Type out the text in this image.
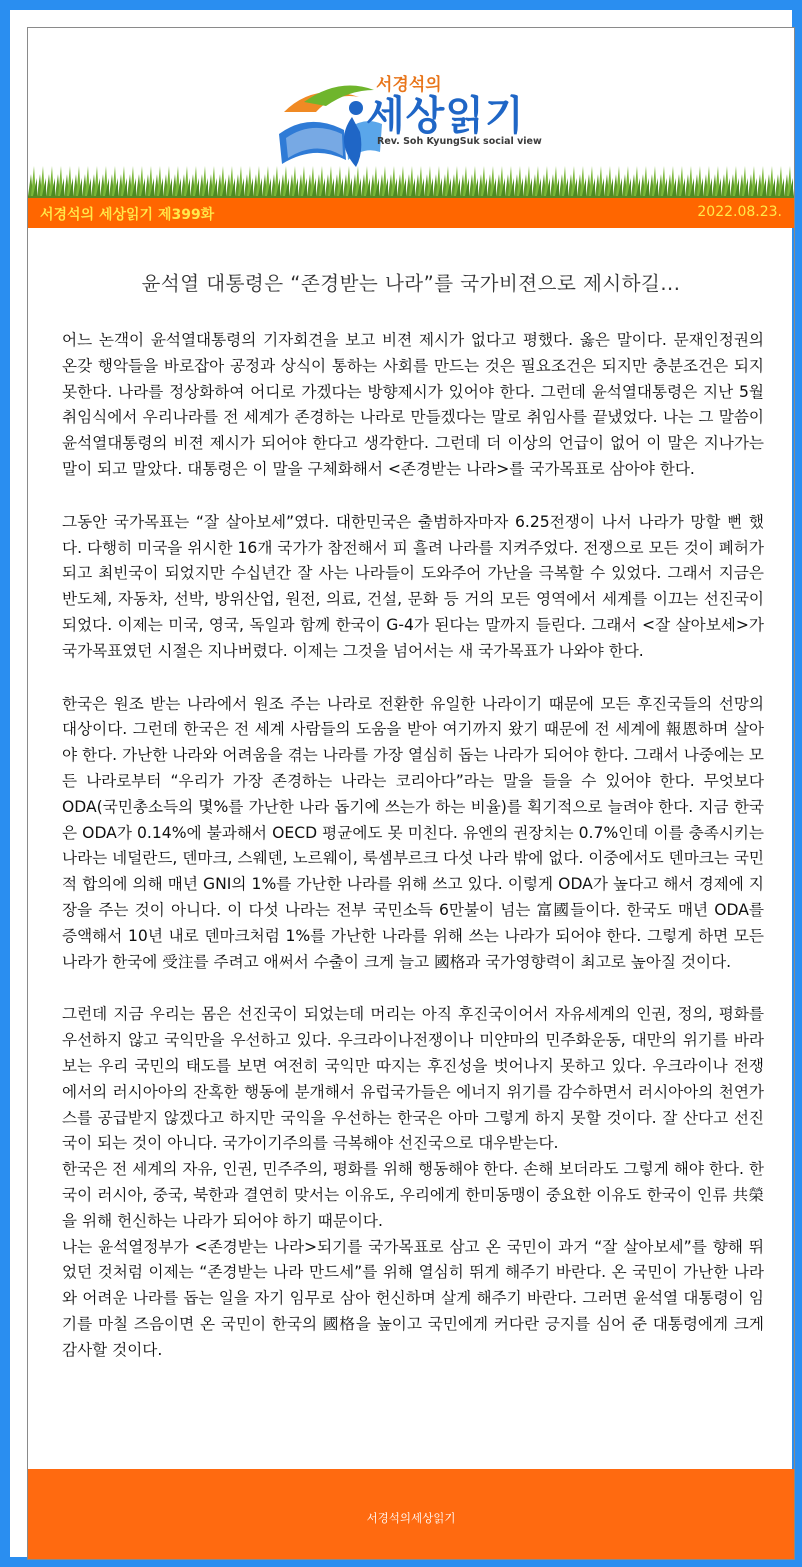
서경석의
세상읽기
Rev. Soh KyungSuk social view
서경석의 세상읽기 제399화	2022.08.23.
윤석열 대통령은 “존경받는 나라”를 국가비젼으로 제시하길...

어느 논객이 윤석열대통령의 기자회견을 보고 비젼 제시가 없다고 평했다. 옳은 말이다. 문재인정권의 온갖 행악들을 바로잡아 공정과 상식이 통하는 사회를 만드는 것은 필요조건은 되지만 충분조건은 되지 못한다. 나라를 정상화하여 어디로 가겠다는 방향제시가 있어야 한다. 그런데 윤석열대통령은 지난 5월 취임식에서 우리나라를 전 세계가 존경하는 나라로 만들겠다는 말로 취임사를 끝냈었다. 나는 그 말씀이 윤석열대통령의 비젼 제시가 되어야 한다고 생각한다. 그런데 더 이상의 언급이 없어 이 말은 지나가는 말이 되고 말았다. 대통령은 이 말을 구체화해서 <존경받는 나라>를 국가목표로 삼아야 한다.

그동안 국가목표는 “잘 살아보세”였다. 대한민국은 출범하자마자 6.25전쟁이 나서 나라가 망할 뻔 했다. 다행히 미국을 위시한 16개 국가가 참전해서 피 흘려 나라를 지켜주었다. 전쟁으로 모든 것이 폐허가 되고 최빈국이 되었지만 수십년간 잘 사는 나라들이 도와주어 가난을 극복할 수 있었다. 그래서 지금은 반도체, 자동차, 선박, 방위산업, 원전, 의료, 건설, 문화 등 거의 모든 영역에서 세계를 이끄는 선진국이 되었다. 이제는 미국, 영국, 독일과 함께 한국이 G-4가 된다는 말까지 들린다. 그래서 <잘 살아보세>가 국가목표였던 시절은 지나버렸다. 이제는 그것을 넘어서는 새 국가목표가 나와야 한다.

한국은 원조 받는 나라에서 원조 주는 나라로 전환한 유일한 나라이기 때문에 모든 후진국들의 선망의 대상이다. 그런데 한국은 전 세계 사람들의 도움을 받아 여기까지 왔기 때문에 전 세계에 報恩하며 살아야 한다. 가난한 나라와 어려움을 겪는 나라를 가장 열심히 돕는 나라가 되어야 한다. 그래서 나중에는 모든 나라로부터 “우리가 가장 존경하는 나라는 코리아다”라는 말을 들을 수 있어야 한다. 무엇보다 ODA(국민총소득의 몇%를 가난한 나라 돕기에 쓰는가 하는 비율)를 획기적으로 늘려야 한다. 지금 한국은 ODA가 0.14%에 불과해서 OECD 평균에도 못 미친다. 유엔의 권장치는 0.7%인데 이를 충족시키는 나라는 네덜란드, 덴마크, 스웨덴, 노르웨이, 룩셈부르크 다섯 나라 밖에 없다. 이중에서도 덴마크는 국민적 합의에 의해 매년 GNI의 1%를 가난한 나라를 위해 쓰고 있다. 이렇게 ODA가 높다고 해서 경제에 지장을 주는 것이 아니다. 이 다섯 나라는 전부 국민소득 6만불이 넘는 富國들이다. 한국도 매년 ODA를 증액해서 10년 내로 덴마크처럼 1%를 가난한 나라를 위해 쓰는 나라가 되어야 한다. 그렇게 하면 모든 나라가 한국에 受注를 주려고 애써서 수출이 크게 늘고 國格과 국가영향력이 최고로 높아질 것이다.

그런데 지금 우리는 몸은 선진국이 되었는데 머리는 아직 후진국이어서 자유세계의 인권, 정의, 평화를 우선하지 않고 국익만을 우선하고 있다. 우크라이나전쟁이나 미얀마의 민주화운동, 대만의 위기를 바라보는 우리 국민의 태도를 보면 여전히 국익만 따지는 후진성을 벗어나지 못하고 있다. 우크라이나 전쟁에서의 러시아아의 잔혹한 행동에 분개해서 유럽국가들은 에너지 위기를 감수하면서 러시아아의 천연가스를 공급받지 않겠다고 하지만 국익을 우선하는 한국은 아마 그렇게 하지 못할 것이다. 잘 산다고 선진국이 되는 것이 아니다. 국가이기주의를 극복해야 선진국으로 대우받는다.

한국은 전 세계의 자유, 인권, 민주주의, 평화를 위해 행동해야 한다. 손해 보더라도 그렇게 해야 한다. 한국이 러시아, 중국, 북한과 결연히 맞서는 이유도, 우리에게 한미동맹이 중요한 이유도 한국이 인류 共榮을 위해 헌신하는 나라가 되어야 하기 때문이다.

나는 윤석열정부가 <존경받는 나라>되기를 국가목표로 삼고 온 국민이 과거 “잘 살아보세”를 향해 뛰었던 것처럼 이제는 “존경받는 나라 만드세”를 위해 열심히 뛰게 해주기 바란다. 온 국민이 가난한 나라와 어려운 나라를 돕는 일을 자기 임무로 삼아 헌신하며 살게 해주기 바란다. 그러면 윤석열 대통령이 임기를 마칠 즈음이면 온 국민이 한국의 國格을 높이고 국민에게 커다란 긍지를 심어 준 대통령에게 크게 감사할 것이다.

서경석의세상읽기
